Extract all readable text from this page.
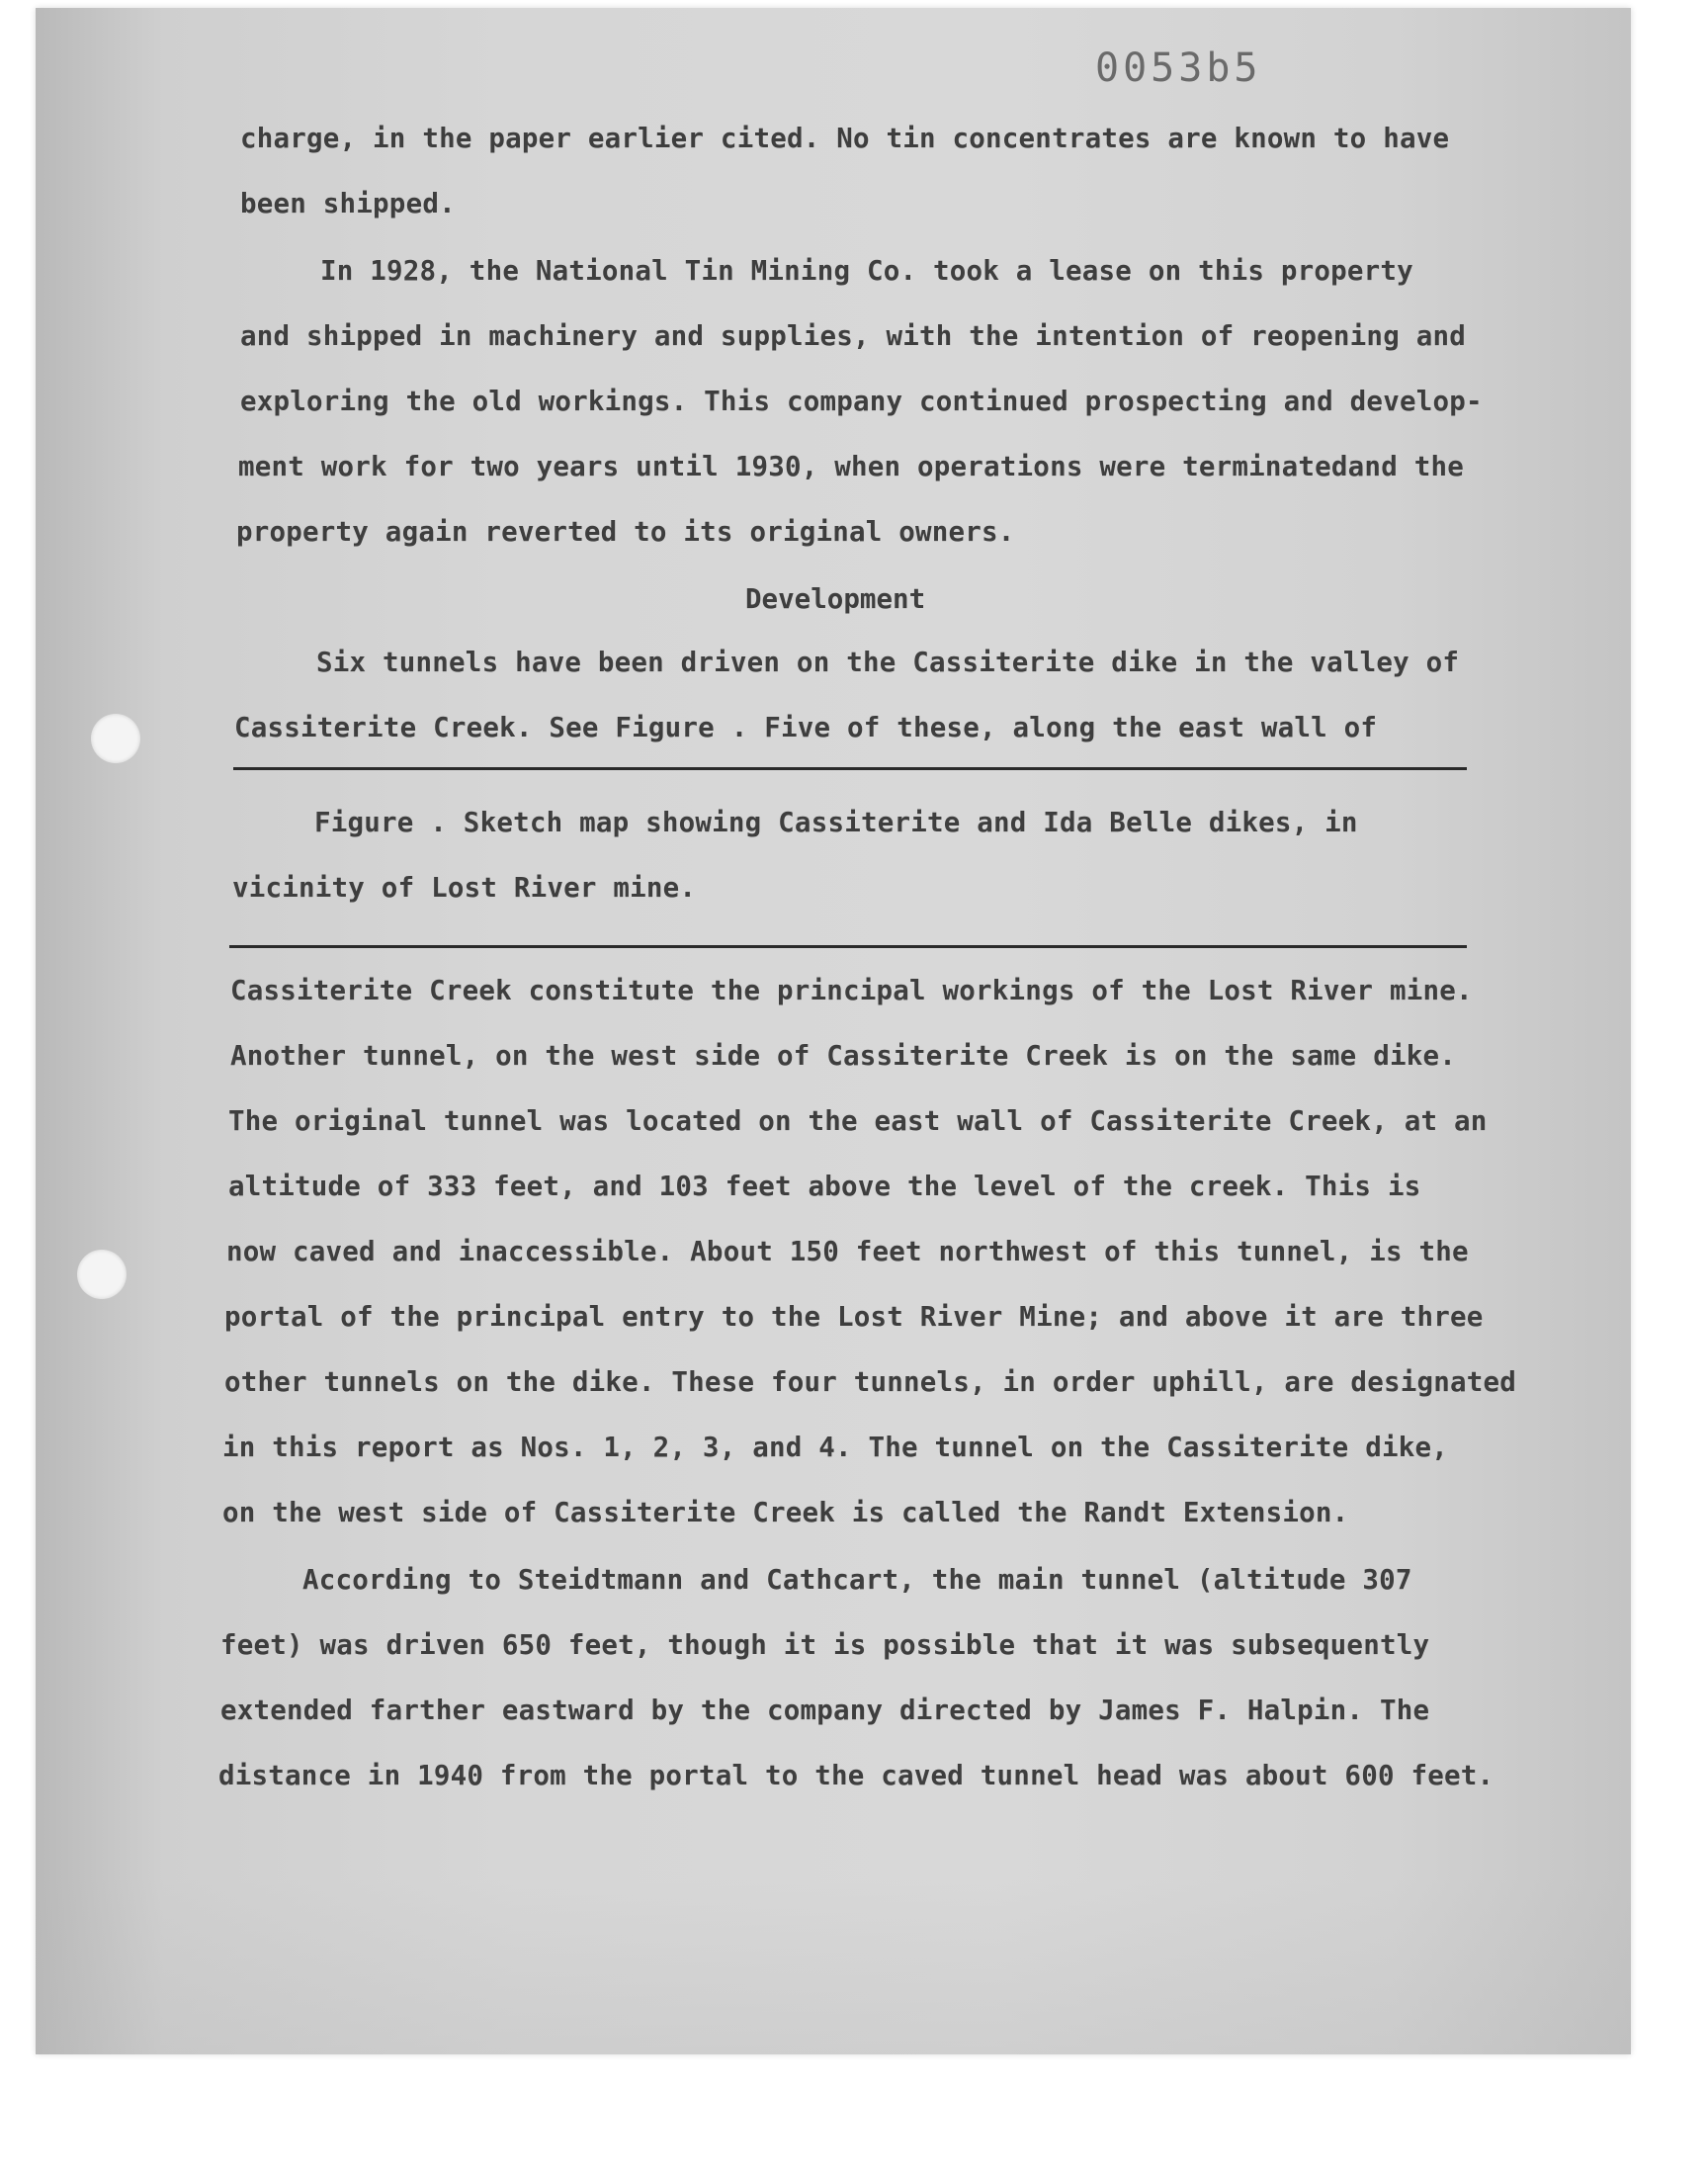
0053b5
charge, in the paper earlier cited. No tin concentrates are known to have
been shipped.
In 1928, the National Tin Mining Co. took a lease on this property
and shipped in machinery and supplies, with the intention of reopening and
exploring the old workings. This company continued prospecting and develop-
ment work for two years until 1930, when operations were terminatedand the
property again reverted to its original owners.
Development
Six tunnels have been driven on the Cassiterite dike in the valley of
Cassiterite Creek. See Figure . Five of these, along the east wall of
Figure . Sketch map showing Cassiterite and Ida Belle dikes, in
vicinity of Lost River mine.
Cassiterite Creek constitute the principal workings of the Lost River mine.
Another tunnel, on the west side of Cassiterite Creek is on the same dike.
The original tunnel was located on the east wall of Cassiterite Creek, at an
altitude of 333 feet, and 103 feet above the level of the creek. This is
now caved and inaccessible. About 150 feet northwest of this tunnel, is the
portal of the principal entry to the Lost River Mine; and above it are three
other tunnels on the dike. These four tunnels, in order uphill, are designated
in this report as Nos. 1, 2, 3, and 4. The tunnel on the Cassiterite dike,
on the west side of Cassiterite Creek is called the Randt Extension.
According to Steidtmann and Cathcart, the main tunnel (altitude 307
feet) was driven 650 feet, though it is possible that it was subsequently
extended farther eastward by the company directed by James F. Halpin. The
distance in 1940 from the portal to the caved tunnel head was about 600 feet.
